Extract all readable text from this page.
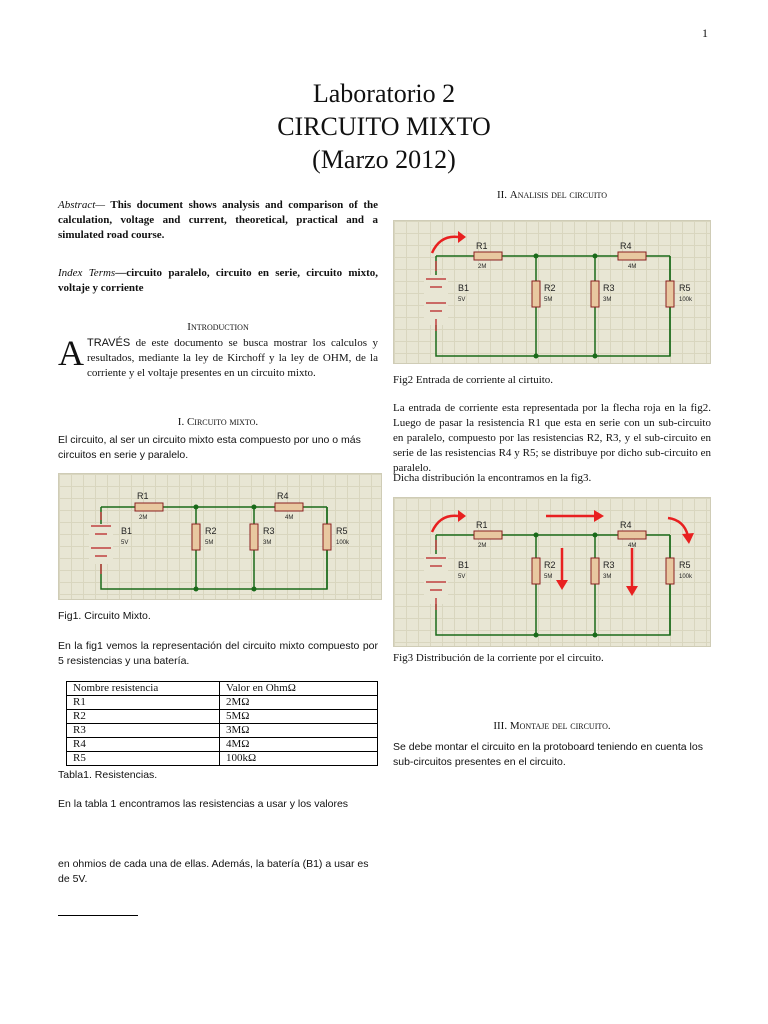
1
Laboratorio 2
CIRCUITO MIXTO
(Marzo 2012)
Abstract— This document shows analysis and comparison of the calculation, voltage and current, theoretical, practical and a simulated road course.
Index Terms—circuito paralelo, circuito en serie, circuito mixto, voltaje y corriente
Introduction
ATRAVÉS de este documento se busca mostrar los calculos y resultados, mediante la ley de Kirchoff y la ley de OHM, de la corriente y el voltaje presentes en un circuito mixto.
I. Circuito mixto.
El circuito, al ser un circuito mixto esta compuesto por uno o más circuitos en serie y paralelo.
R1
2M
R4
4M
R2
5M
R3
3M
R5
100k
B1
5V
Fig1. Circuito Mixto.
En la fig1 vemos la representación del circuito mixto compuesto por 5 resistencias y una batería.
Nombre resistencia	Valor en OhmΩ
R1	2MΩ
R2	5MΩ
R3	3MΩ
R4	4MΩ
R5	100kΩ
Tabla1. Resistencias.
En la tabla 1 encontramos las resistencias a usar y los valores
en ohmios de cada una de ellas. Además, la batería (B1) a usar es de 5V.
II. Analisis del circuito
R1
2M
R4
4M
R2
5M
R3
3M
R5
100k
B1
5V
Fig2 Entrada de corriente al cirtuito.
La entrada de corriente esta representada por la flecha roja en la fig2. Luego de pasar la resistencia R1 que esta en serie con un sub-circuito en paralelo, compuesto por las resistencias R2, R3, y el sub-circuito en serie de las resistencias R4 y R5; se distribuye por dicho sub-circuito en paralelo.
Dicha distribución la encontramos en la fig3.
R1
2M
R4
4M
R2
5M
R3
3M
R5
100k
B1
5V
Fig3 Distribución de la corriente por el circuito.
III. Montaje del circuito.
Se debe montar el circuito en la protoboard teniendo en cuenta los sub-circuitos presentes en el circuito.
